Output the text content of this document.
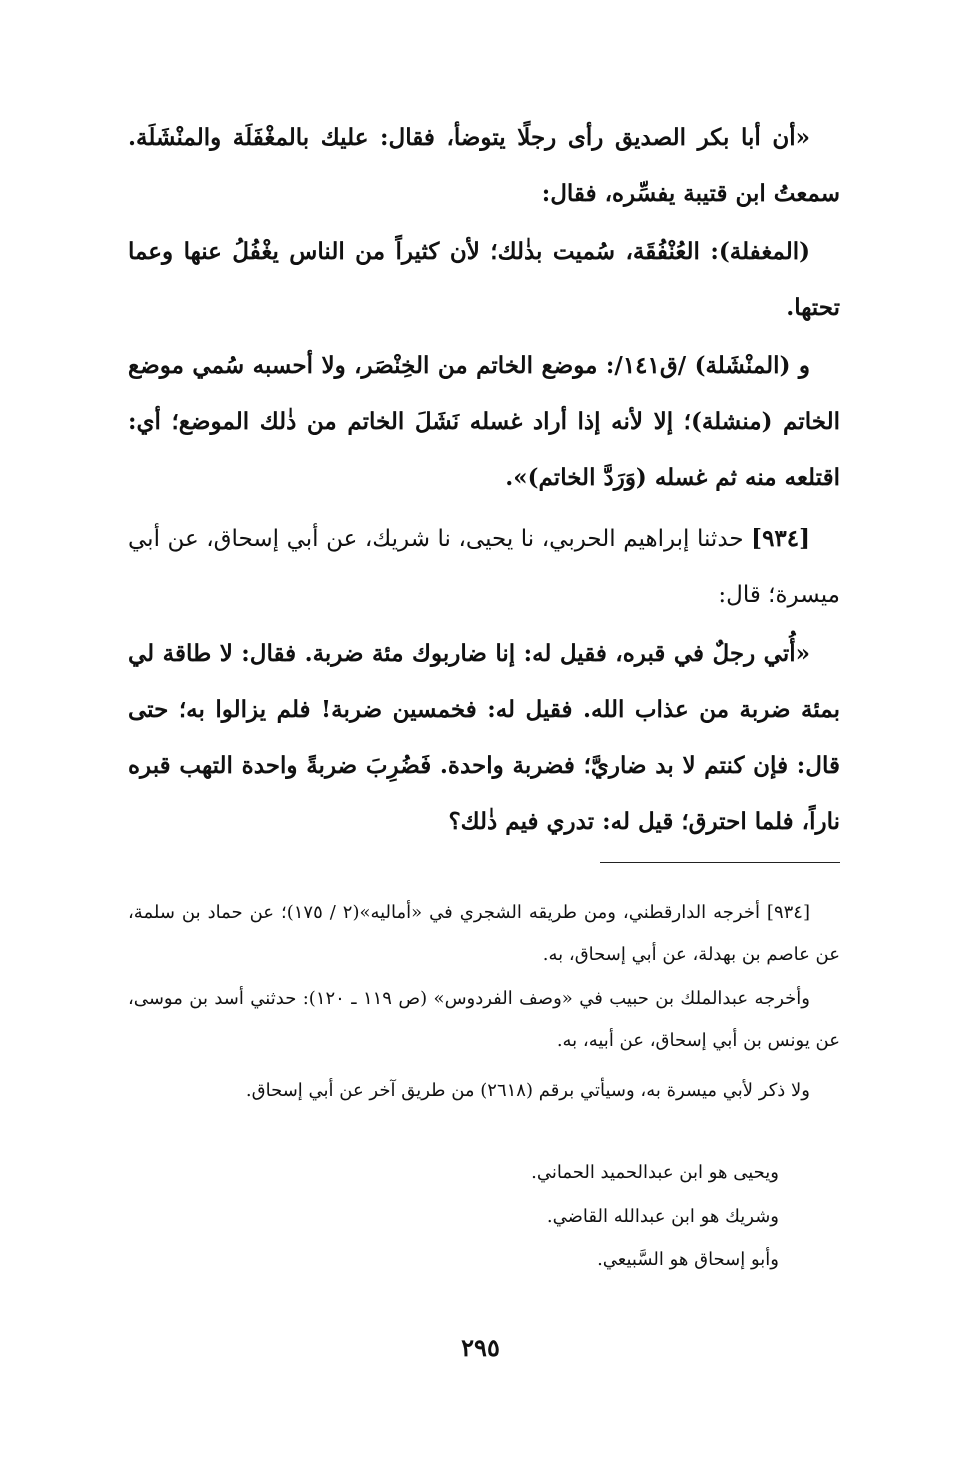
«أن أبا بكر الصديق رأى رجلًا يتوضأ، فقال: عليك بالمغْفَلَة والمنْشَلَة. سمعتُ ابن قتيبة يفسِّره، فقال:

(المغفلة): العُنْفُقَة، سُميت بذٰلك؛ لأن كثيراً من الناس يغْفُلُ عنها وعما تحتها.

و (المنْشَلة) /ق١٤١/: موضع الخاتم من الخِنْصَر، ولا أحسبه سُمي موضع الخاتم (منشلة)؛ إلا لأنه إذا أراد غسله نَشَلَ الخاتم من ذٰلك الموضع؛ أي: اقتلعه منه ثم غسله (وَرَدَّ الخاتم)».

[٩٣٤] حدثنا إبراهيم الحربي، نا يحيى، نا شريك، عن أبي إسحاق، عن أبي ميسرة؛ قال:

«أُتي رجلٌ في قبره، فقيل له: إنا ضاربوك مئة ضربة. فقال: لا طاقة لي بمئة ضربة من عذاب الله. فقيل له: فخمسين ضربة! فلم يزالوا به؛ حتى قال: فإن كنتم لا بد ضاريَّ؛ فضربة واحدة. فَضُرِبَ ضربةً واحدة التهب قبره ناراً، فلما احترق؛ قيل له: تدري فيم ذٰلك؟

[٩٣٤] أخرجه الدارقطني، ومن طريقه الشجري في «أماليه»(٢ / ١٧٥)؛ عن حماد بن سلمة، عن عاصم بن بهدلة، عن أبي إسحاق، به.

وأخرجه عبدالملك بن حبيب في «وصف الفردوس» (ص ١١٩ ـ ١٢٠): حدثني أسد بن موسى، عن يونس بن أبي إسحاق، عن أبيه، به.

ولا ذكر لأبي ميسرة به، وسيأتي برقم (٢٦١٨) من طريق آخر عن أبي إسحاق.

ويحيى هو ابن عبدالحميد الحماني.

وشريك هو ابن عبدالله القاضي.

وأبو إسحاق هو السَّبيعي.

٢٩٥
